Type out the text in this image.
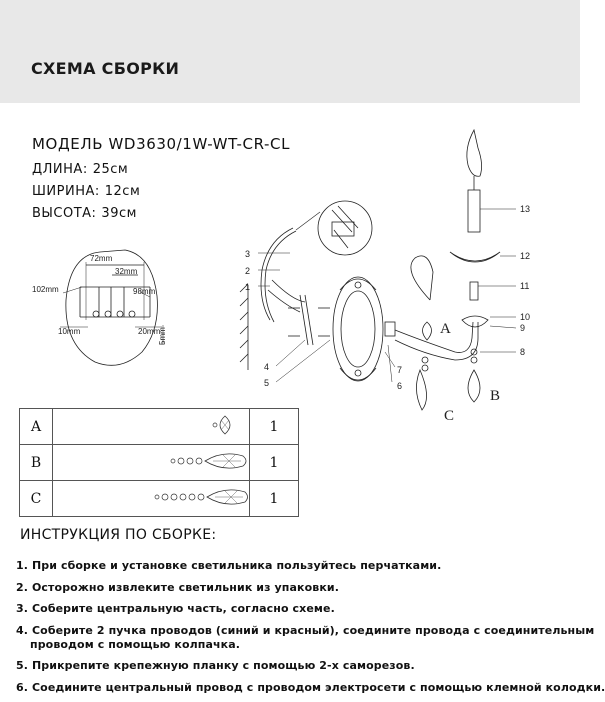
СХЕМА СБОРКИ
МОДЕЛЬ WD3630/1W-WT-CR-CL
ДЛИНА: 25см
ШИРИНА: 12см
ВЫСОТА: 39см
72mm
32mm
98mm
102mm
10mm	20mm
5mm
3
2
1
4
5
7
6
13
12
11
10
9
8
A
B
C
A		1
B		1
C		1
ИНСТРУКЦИЯ ПО СБОРКЕ:
1. При сборке и установке светильника пользуйтесь перчатками.
2. Осторожно извлеките светильник из упаковки.
3. Соберите центральную часть, согласно схеме.
4. Соберите 2 пучка проводов (синий и красный), соедините провода с соединительным
проводом с помощью колпачка.
5. Прикрепите крепежную планку с помощью 2-х саморезов.
6. Соедините центральный провод с проводом электросети с помощью клемной колодки.
